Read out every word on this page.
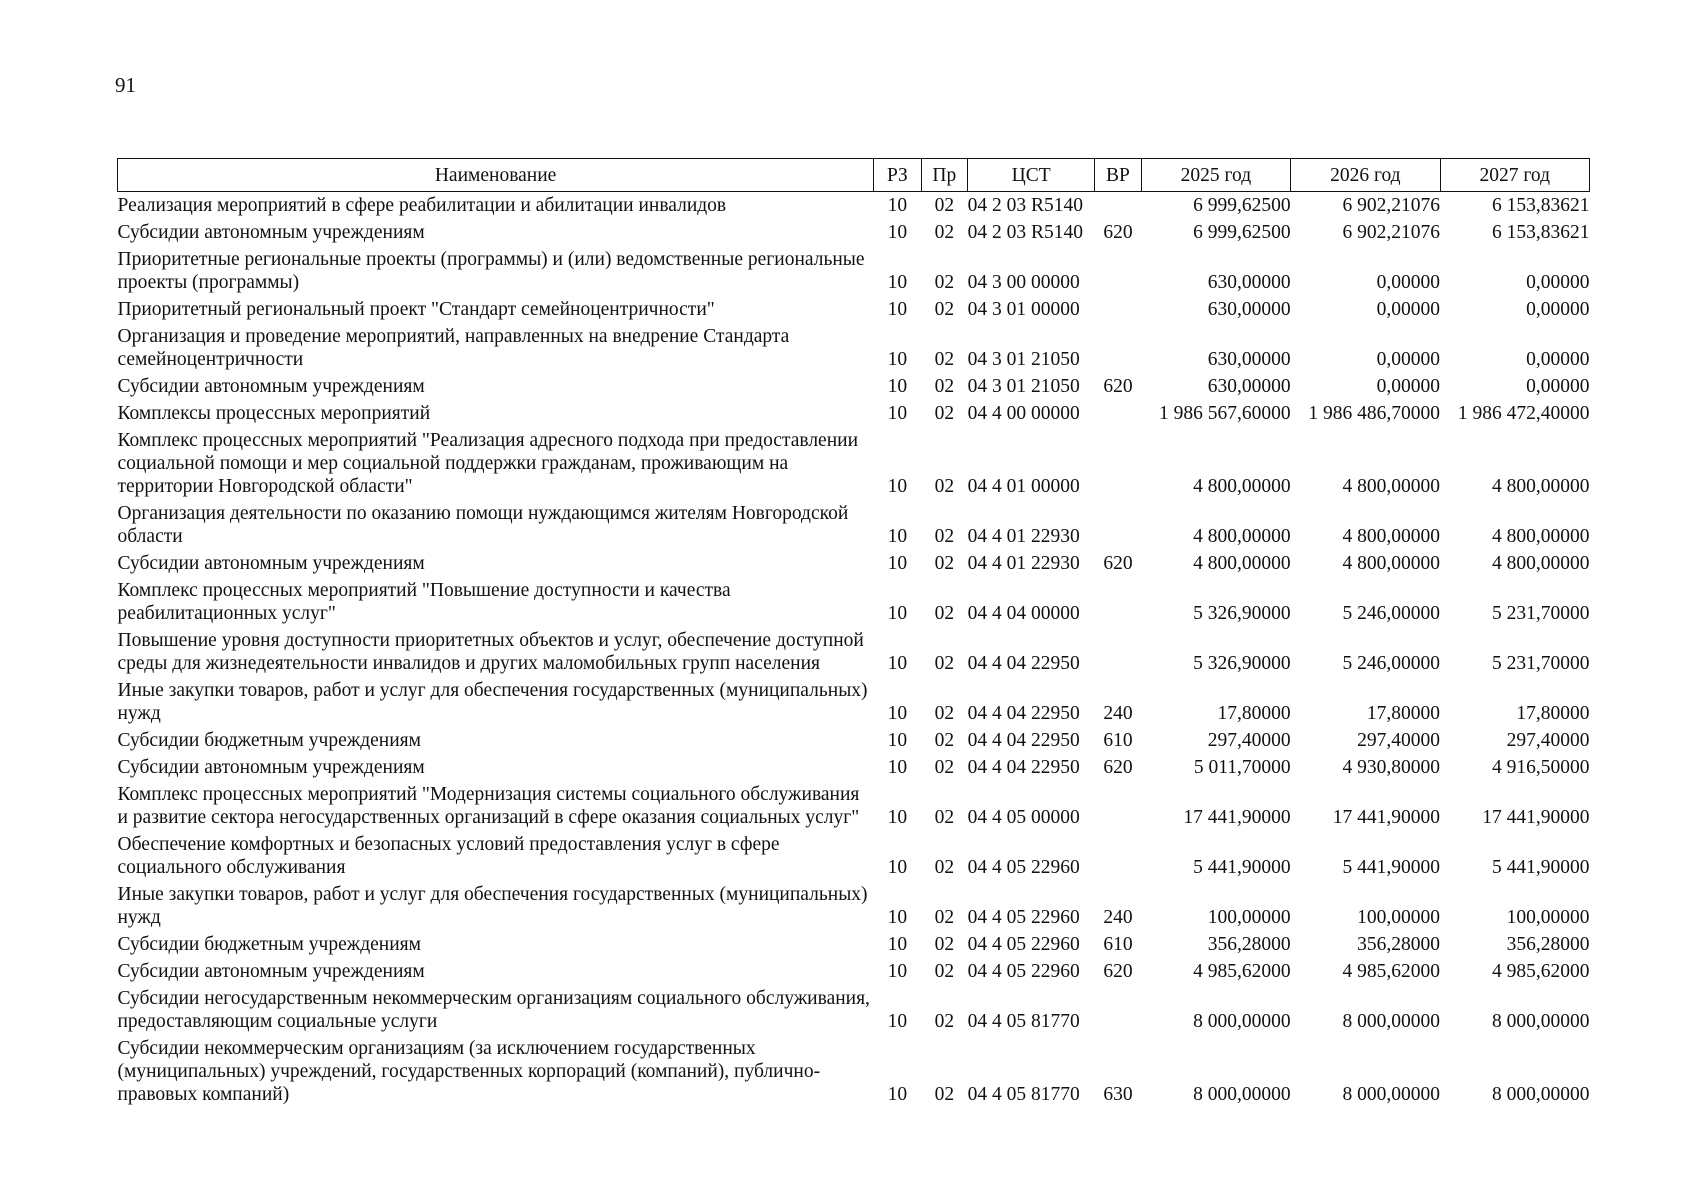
91
Наименование	РЗ	Пр	ЦСТ	ВР	2025 год	2026 год	2027 год
Реализация мероприятий в сфере реабилитации и абилитации инвалидов	10	02	04 2 03 R5140		6 999,62500	6 902,21076	6 153,83621
Субсидии автономным учреждениям	10	02	04 2 03 R5140	620	6 999,62500	6 902,21076	6 153,83621
Приоритетные региональные проекты (программы) и (или) ведомственные региональные проекты (программы)	10	02	04 3 00 00000		630,00000	0,00000	0,00000
Приоритетный региональный проект "Стандарт семейноцентричности"	10	02	04 3 01 00000		630,00000	0,00000	0,00000
Организация и проведение мероприятий, направленных на внедрение Стандарта семейноцентричности	10	02	04 3 01 21050		630,00000	0,00000	0,00000
Субсидии автономным учреждениям	10	02	04 3 01 21050	620	630,00000	0,00000	0,00000
Комплексы процессных мероприятий	10	02	04 4 00 00000		1 986 567,60000	1 986 486,70000	1 986 472,40000
Комплекс процессных мероприятий "Реализация адресного подхода при предоставлении социальной помощи и мер социальной поддержки гражданам, проживающим на территории Новгородской области"	10	02	04 4 01 00000		4 800,00000	4 800,00000	4 800,00000
Организация деятельности по оказанию помощи нуждающимся жителям Новгородской области	10	02	04 4 01 22930		4 800,00000	4 800,00000	4 800,00000
Субсидии автономным учреждениям	10	02	04 4 01 22930	620	4 800,00000	4 800,00000	4 800,00000
Комплекс процессных мероприятий "Повышение доступности и качества реабилитационных услуг"	10	02	04 4 04 00000		5 326,90000	5 246,00000	5 231,70000
Повышение уровня доступности приоритетных объектов и услуг, обеспечение доступной среды для жизнедеятельности инвалидов и других маломобильных групп населения	10	02	04 4 04 22950		5 326,90000	5 246,00000	5 231,70000
Иные закупки товаров, работ и услуг для обеспечения государственных (муниципальных) нужд	10	02	04 4 04 22950	240	17,80000	17,80000	17,80000
Субсидии бюджетным учреждениям	10	02	04 4 04 22950	610	297,40000	297,40000	297,40000
Субсидии автономным учреждениям	10	02	04 4 04 22950	620	5 011,70000	4 930,80000	4 916,50000
Комплекс процессных мероприятий "Модернизация системы социального обслуживания и развитие сектора негосударственных организаций в сфере оказания социальных услуг"	10	02	04 4 05 00000		17 441,90000	17 441,90000	17 441,90000
Обеспечение комфортных и безопасных условий предоставления услуг в сфере социального обслуживания	10	02	04 4 05 22960		5 441,90000	5 441,90000	5 441,90000
Иные закупки товаров, работ и услуг для обеспечения государственных (муниципальных) нужд	10	02	04 4 05 22960	240	100,00000	100,00000	100,00000
Субсидии бюджетным учреждениям	10	02	04 4 05 22960	610	356,28000	356,28000	356,28000
Субсидии автономным учреждениям	10	02	04 4 05 22960	620	4 985,62000	4 985,62000	4 985,62000
Субсидии негосударственным некоммерческим организациям социального обслуживания, предоставляющим социальные услуги	10	02	04 4 05 81770		8 000,00000	8 000,00000	8 000,00000
Субсидии некоммерческим организациям (за исключением государственных (муниципальных) учреждений, государственных корпораций (компаний), публично-правовых компаний)	10	02	04 4 05 81770	630	8 000,00000	8 000,00000	8 000,00000
